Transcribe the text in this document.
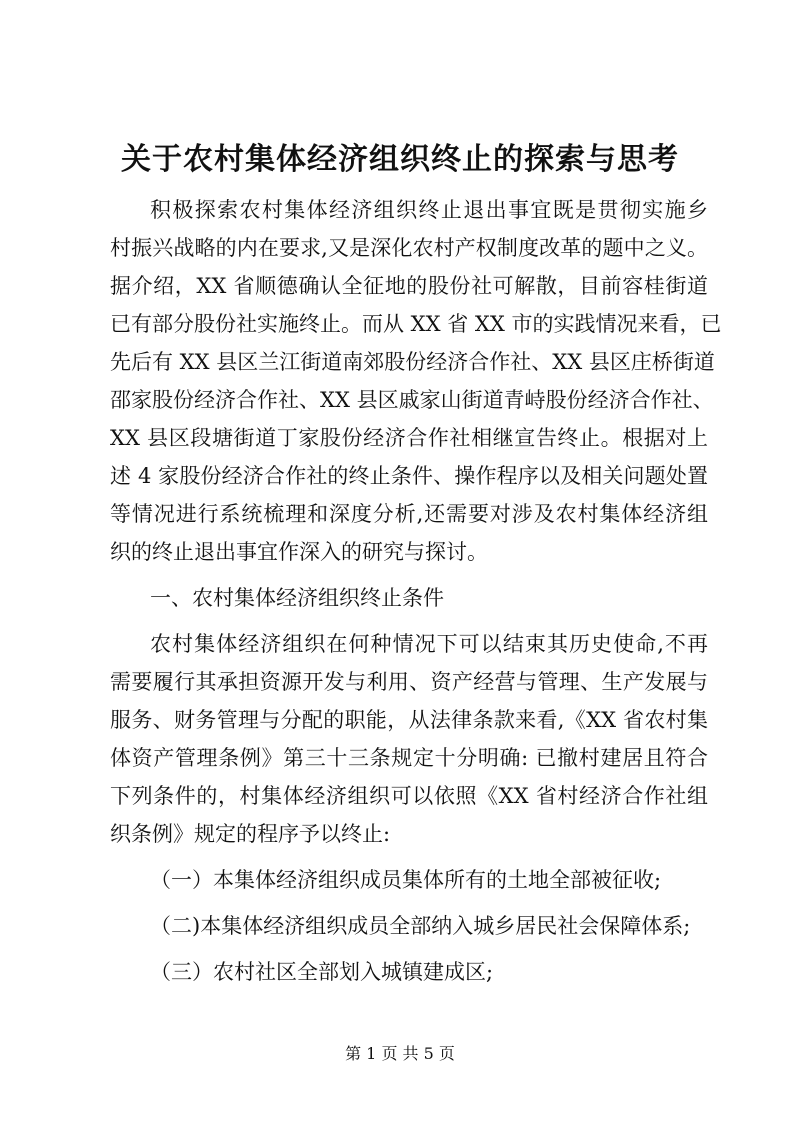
关于农村集体经济组织终止的探索与思考
积极探索农村集体经济组织终止退出事宜既是贯彻实施乡
村振兴战略的内在要求,又是深化农村产权制度改革的题中之义。
据介绍，XX 省顺德确认全征地的股份社可解散，目前容桂街道
已有部分股份社实施终止。而从 XX 省 XX 市的实践情况来看，已
先后有 XX 县区兰江街道南郊股份经济合作社、XX 县区庄桥街道
邵家股份经济合作社、XX 县区戚家山街道青峙股份经济合作社、
XX 县区段塘街道丁家股份经济合作社相继宣告终止。根据对上
述 4 家股份经济合作社的终止条件、操作程序以及相关问题处置
等情况进行系统梳理和深度分析,还需要对涉及农村集体经济组
织的终止退出事宜作深入的研究与探讨。
一、农村集体经济组织终止条件
农村集体经济组织在何种情况下可以结束其历史使命,不再
需要履行其承担资源开发与利用、资产经营与管理、生产发展与
服务、财务管理与分配的职能，从法律条款来看,《XX 省农村集
体资产管理条例》第三十三条规定十分明确: 已撤村建居且符合
下列条件的，村集体经济组织可以依照《XX 省村经济合作社组
织条例》规定的程序予以终止:
（一）本集体经济组织成员集体所有的土地全部被征收;
（二)本集体经济组织成员全部纳入城乡居民社会保障体系;
（三）农村社区全部划入城镇建成区;
第 1 页 共 5 页
